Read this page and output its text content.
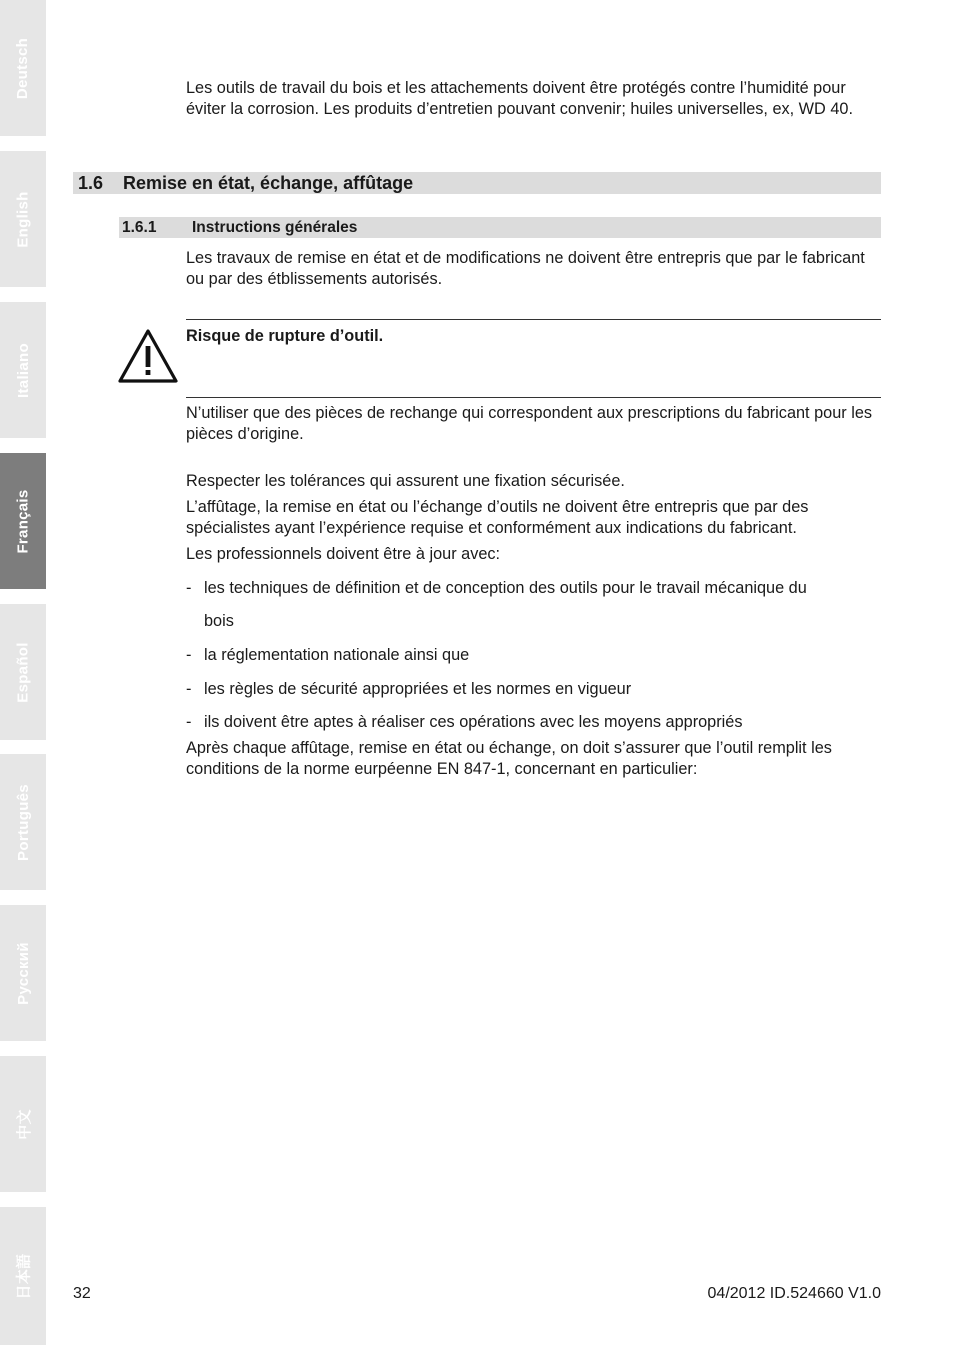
Deutsch
English
Italiano
Français
Español
Português
Русский
中文
日本語

Les outils de travail du bois et les attachements doivent être protégés contre l’humidité pour éviter la corrosion. Les produits d’entretien pouvant convenir; huiles universelles, ex, WD 40.

1.6 Remise en état, échange, affûtage
1.6.1 Instructions générales

Les travaux de remise en état et de modifications ne doivent être entrepris que par le fabricant ou par des étblissements autorisés.

Risque de rupture d’outil.

N’utiliser que des pièces de rechange qui correspondent aux prescriptions du fabricant pour les pièces d’origine.

Respecter les tolérances qui assurent une fixation sécurisée.

L’affûtage, la remise en état ou l’échange d’outils ne doivent être entrepris que par des spécialistes ayant l’expérience requise et conformément aux indications du fabricant.

Les professionnels doivent être à jour avec:

- les techniques de définition et de conception des outils pour le travail mécanique du
bois
- la réglementation nationale ainsi que
- les règles de sécurité appropriées et les normes en vigueur
- ils doivent être aptes à réaliser ces opérations avec les moyens appropriés

Après chaque affûtage, remise en état ou échange, on doit s’assurer que l’outil remplit les conditions de la norme eurpéenne EN 847-1, concernant en particulier:

32	04/2012 ID.524660 V1.0
